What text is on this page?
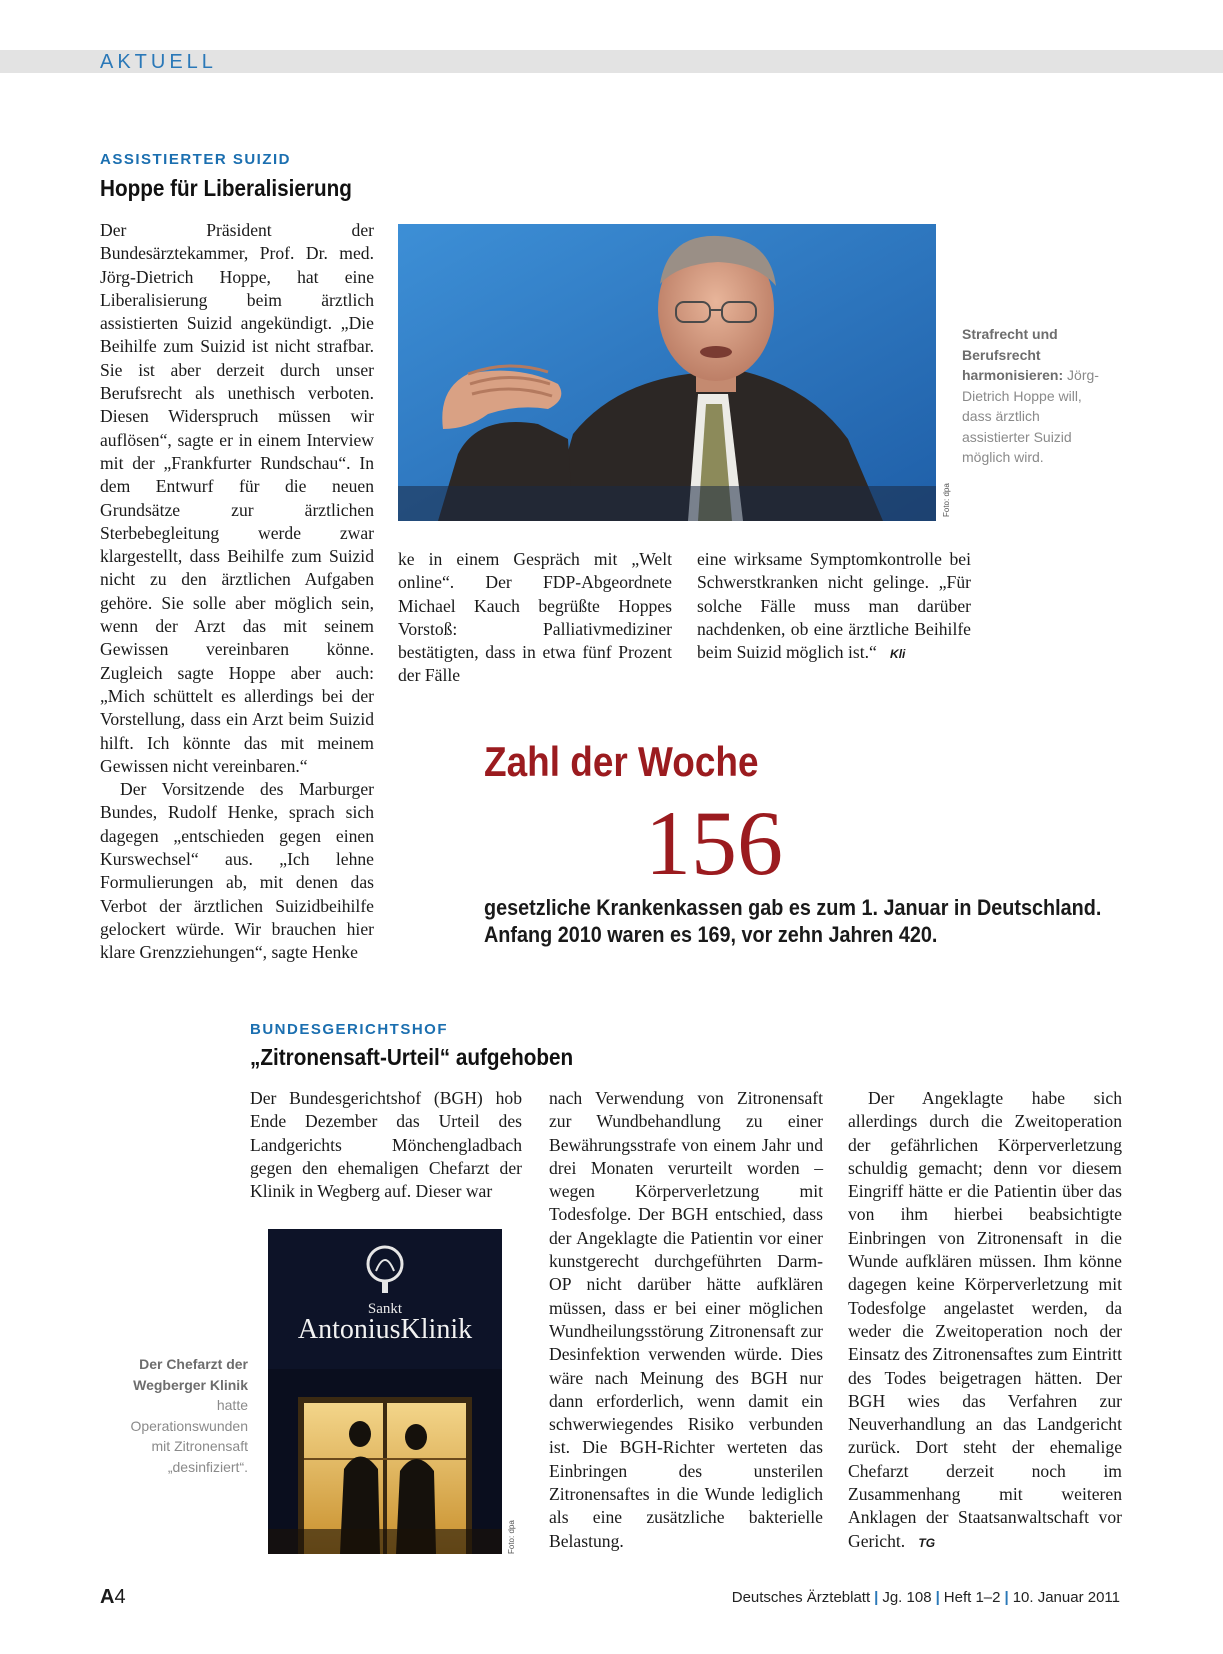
AKTUELL
ASSISTIERTER SUIZID
Hoppe für Liberalisierung

Der Präsident der Bundesärztekammer, Prof. Dr. med. Jörg-Dietrich Hoppe, hat eine Liberalisierung beim ärztlich assistierten Suizid angekündigt. „Die Beihilfe zum Suizid ist nicht strafbar. Sie ist aber derzeit durch unser Berufsrecht als unethisch verboten. Diesen Widerspruch müssen wir auflösen“, sagte er in einem Interview mit der „Frankfurter Rundschau“. In dem Entwurf für die neuen Grundsätze zur ärztlichen Sterbebegleitung werde zwar klargestellt, dass Beihilfe zum Suizid nicht zu den ärztlichen Aufgaben gehöre. Sie solle aber möglich sein, wenn der Arzt das mit seinem Gewissen vereinbaren könne. Zugleich sagte Hoppe aber auch: „Mich schüttelt es allerdings bei der Vorstellung, dass ein Arzt beim Suizid hilft. Ich könnte das mit meinem Gewissen nicht vereinbaren.“

Der Vorsitzende des Marburger Bundes, Rudolf Henke, sprach sich dagegen „entschieden gegen einen Kurswechsel“ aus. „Ich lehne Formulierungen ab, mit denen das Verbot der ärztlichen Suizidbeihilfe gelockert würde. Wir brauchen hier klare Grenzziehungen“, sagte Henke

Foto: dpa
Strafrecht und Berufsrecht harmonisieren: Jörg-Dietrich Hoppe will, dass ärztlich assistierter Suizid möglich wird.

ke in einem Gespräch mit „Welt online“. Der FDP-Abgeordnete Michael Kauch begrüßte Hoppes Vorstoß: Palliativmediziner bestätigten, dass in etwa fünf Prozent der Fälle

eine wirksame Symptomkontrolle bei Schwerstkranken nicht gelinge. „Für solche Fälle muss man darüber nachdenken, ob eine ärztliche Beihilfe beim Suizid möglich ist.“ Kli

Zahl der Woche
156
gesetzliche Krankenkassen gab es zum 1. Januar in Deutschland.
Anfang 2010 waren es 169, vor zehn Jahren 420.
BUNDESGERICHTSHOF
„Zitronensaft-Urteil“ aufgehoben

Der Bundesgerichtshof (BGH) hob Ende Dezember das Urteil des Landgerichts Mönchengladbach gegen den ehemaligen Chefarzt der Klinik in Wegberg auf. Dieser war

Sankt
AntoniusKlinik
Foto: dpa
Der Chefarzt der Wegberger Klinik hatte Operationswunden mit Zitronensaft „desinfiziert“.

nach Verwendung von Zitronensaft zur Wundbehandlung zu einer Bewährungsstrafe von einem Jahr und drei Monaten verurteilt worden – wegen Körperverletzung mit Todesfolge. Der BGH entschied, dass der Angeklagte die Patientin vor einer kunstgerecht durchgeführten Darm-OP nicht darüber hätte aufklären müssen, dass er bei einer möglichen Wundheilungsstörung Zitronensaft zur Desinfektion verwenden würde. Dies wäre nach Meinung des BGH nur dann erforderlich, wenn damit ein schwerwiegendes Risiko verbunden ist. Die BGH-Richter werteten das Einbringen des unsterilen Zitronensaftes in die Wunde lediglich als eine zusätzliche bakterielle Belastung.

Der Angeklagte habe sich allerdings durch die Zweitoperation der gefährlichen Körperverletzung schuldig gemacht; denn vor diesem Eingriff hätte er die Patientin über das von ihm hierbei beabsichtigte Einbringen von Zitronensaft in die Wunde aufklären müssen. Ihm könne dagegen keine Körperverletzung mit Todesfolge angelastet werden, da weder die Zweitoperation noch der Einsatz des Zitronensaftes zum Eintritt des Todes beigetragen hätten. Der BGH wies das Verfahren zur Neuverhandlung an das Landgericht zurück. Dort steht der ehemalige Chefarzt derzeit noch im Zusammenhang mit weiteren Anklagen der Staatsanwaltschaft vor Gericht. TG

A4	Deutsches Ärzteblatt | Jg. 108 | Heft 1–2 | 10. Januar 2011
